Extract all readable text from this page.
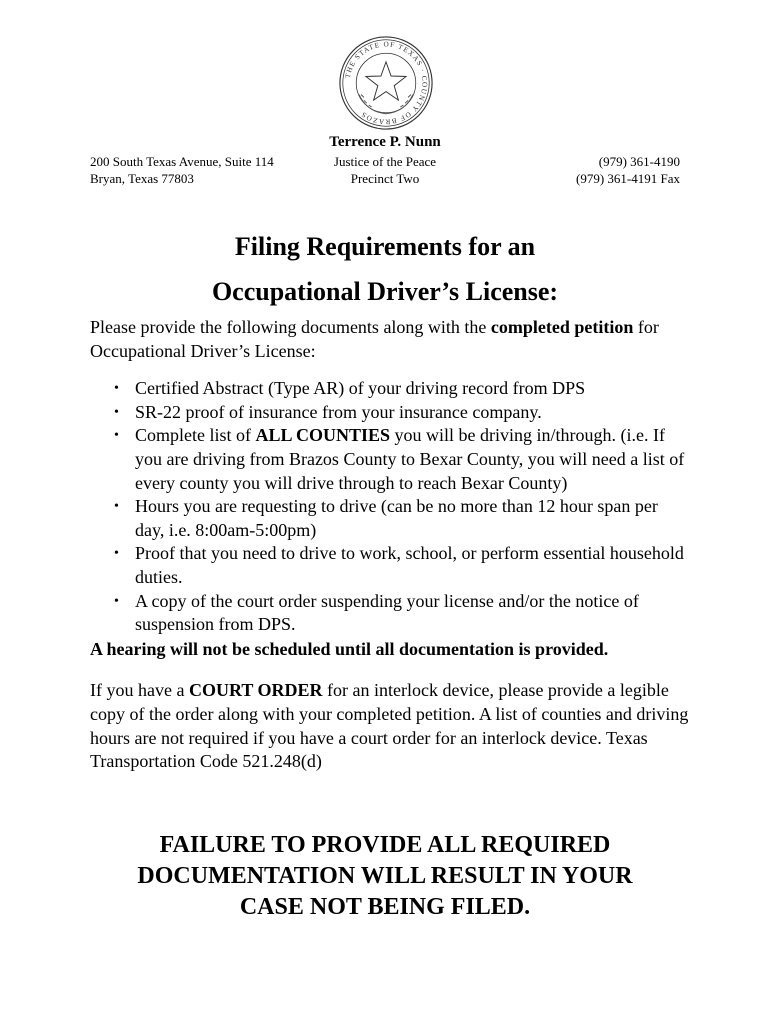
THE STATE OF TEXAS · COUNTY OF BRAZOS
Terrence P. Nunn
200 South Texas Avenue, Suite 114
Bryan, Texas 77803
Justice of the Peace
Precinct Two
(979) 361-4190
(979) 361-4191 Fax
Filing Requirements for an
Occupational Driver’s License:

Please provide the following documents along with the completed petition for Occupational Driver’s License:

• Certified Abstract (Type AR) of your driving record from DPS
• SR-22 proof of insurance from your insurance company.
• Complete list of ALL COUNTIES you will be driving in/through. (i.e. If you are driving from Brazos County to Bexar County, you will need a list of every county you will drive through to reach Bexar County)
• Hours you are requesting to drive (can be no more than 12 hour span per day, i.e. 8:00am-5:00pm)
• Proof that you need to drive to work, school, or perform essential household duties.
• A copy of the court order suspending your license and/or the notice of suspension from DPS.

A hearing will not be scheduled until all documentation is provided.

If you have a COURT ORDER for an interlock device, please provide a legible copy of the order along with your completed petition. A list of counties and driving hours are not required if you have a court order for an interlock device. Texas Transportation Code 521.248(d)

FAILURE TO PROVIDE ALL REQUIRED
DOCUMENTATION WILL RESULT IN YOUR
CASE NOT BEING FILED.
